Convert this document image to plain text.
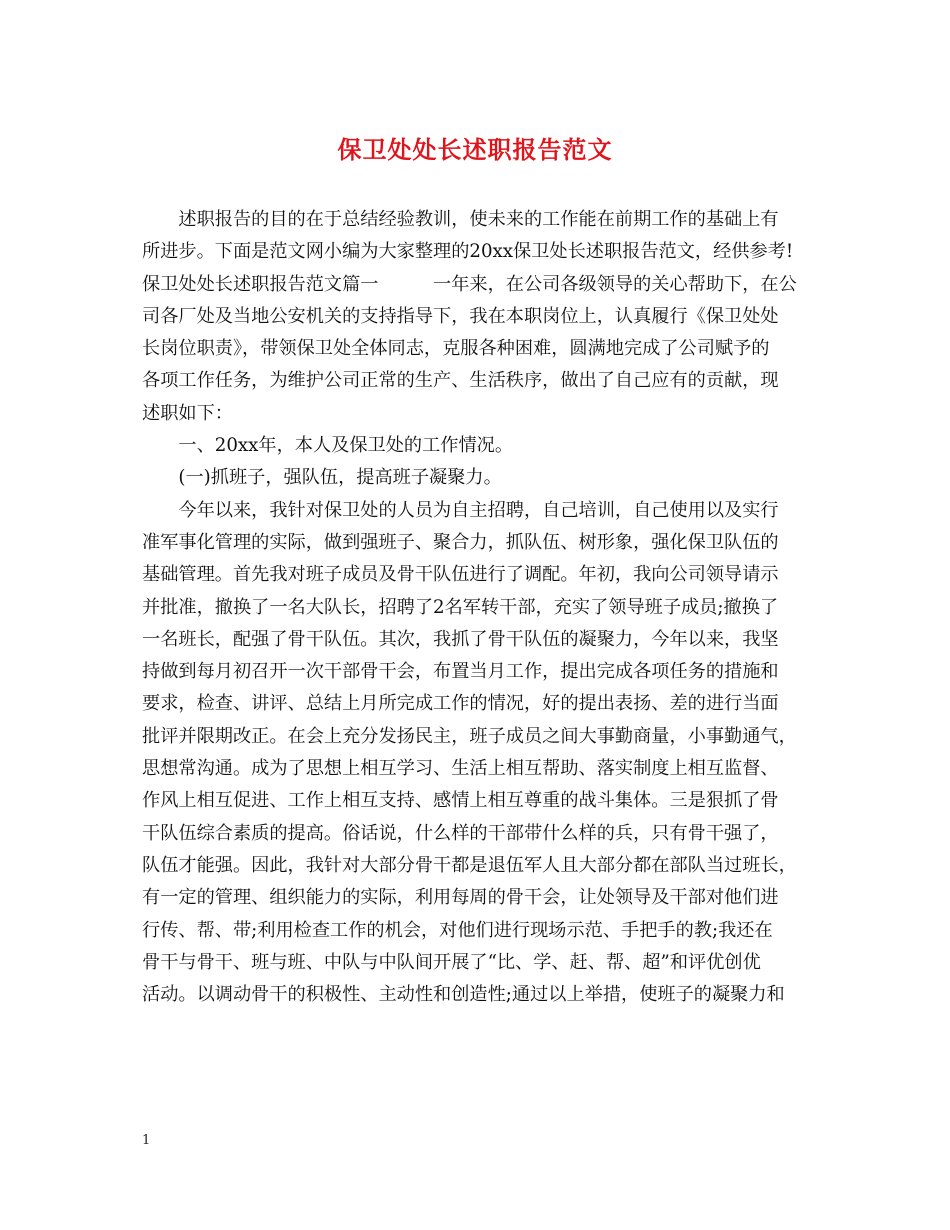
保卫处处长述职报告范文
　　述职报告的目的在于总结经验教训，使未来的工作能在前期工作的基础上有
所进步。下面是范文网小编为大家整理的20xx保卫处长述职报告范文，经供参考!
保卫处处长述职报告范文篇一　　　一年来，在公司各级领导的关心帮助下，在公
司各厂处及当地公安机关的支持指导下，我在本职岗位上，认真履行《保卫处处
长岗位职责》，带领保卫处全体同志，克服各种困难，圆满地完成了公司赋予的
各项工作任务，为维护公司正常的生产、生活秩序，做出了自己应有的贡献，现
述职如下：
　　一、20xx年，本人及保卫处的工作情况。
　　(一)抓班子，强队伍，提高班子凝聚力。
　　今年以来，我针对保卫处的人员为自主招聘，自己培训，自己使用以及实行
准军事化管理的实际，做到强班子、聚合力，抓队伍、树形象，强化保卫队伍的
基础管理。首先我对班子成员及骨干队伍进行了调配。年初，我向公司领导请示
并批准，撤换了一名大队长，招聘了2名军转干部，充实了领导班子成员;撤换了
一名班长，配强了骨干队伍。其次，我抓了骨干队伍的凝聚力，今年以来，我坚
持做到每月初召开一次干部骨干会，布置当月工作，提出完成各项任务的措施和
要求，检查、讲评、总结上月所完成工作的情况，好的提出表扬、差的进行当面
批评并限期改正。在会上充分发扬民主，班子成员之间大事勤商量，小事勤通气，
思想常沟通。成为了思想上相互学习、生活上相互帮助、落实制度上相互监督、
作风上相互促进、工作上相互支持、感情上相互尊重的战斗集体。三是狠抓了骨
干队伍综合素质的提高。俗话说，什么样的干部带什么样的兵，只有骨干强了，
队伍才能强。因此，我针对大部分骨干都是退伍军人且大部分都在部队当过班长，
有一定的管理、组织能力的实际，利用每周的骨干会，让处领导及干部对他们进
行传、帮、带;利用检查工作的机会，对他们进行现场示范、手把手的教;我还在
骨干与骨干、班与班、中队与中队间开展了“比、学、赶、帮、超”和评优创优
活动。以调动骨干的积极性、主动性和创造性;通过以上举措，使班子的凝聚力和
1
